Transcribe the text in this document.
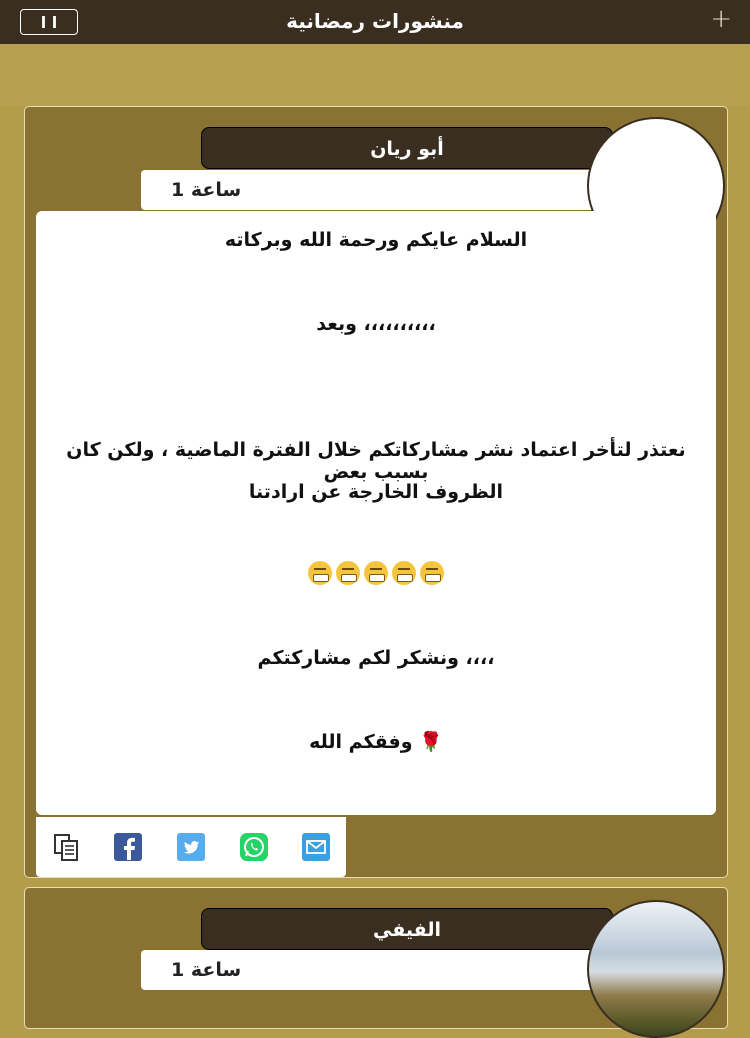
ا ا	منشورات رمضانية	+
أبو ريان
1 ساعة
السلام عايكم ورحمة الله وبركاته
وبعد ،،،،،،،،،،
نعتذر لتأخر اعتماد نشر مشاركاتكم خلال الفترة الماضية ، ولكن كان بسبب بعض
الظروف الخارجة عن ارادتنا

ونشكر لكم مشاركتكم ،،،،
وفقكم الله 🌹
الفيفي
1 ساعة
